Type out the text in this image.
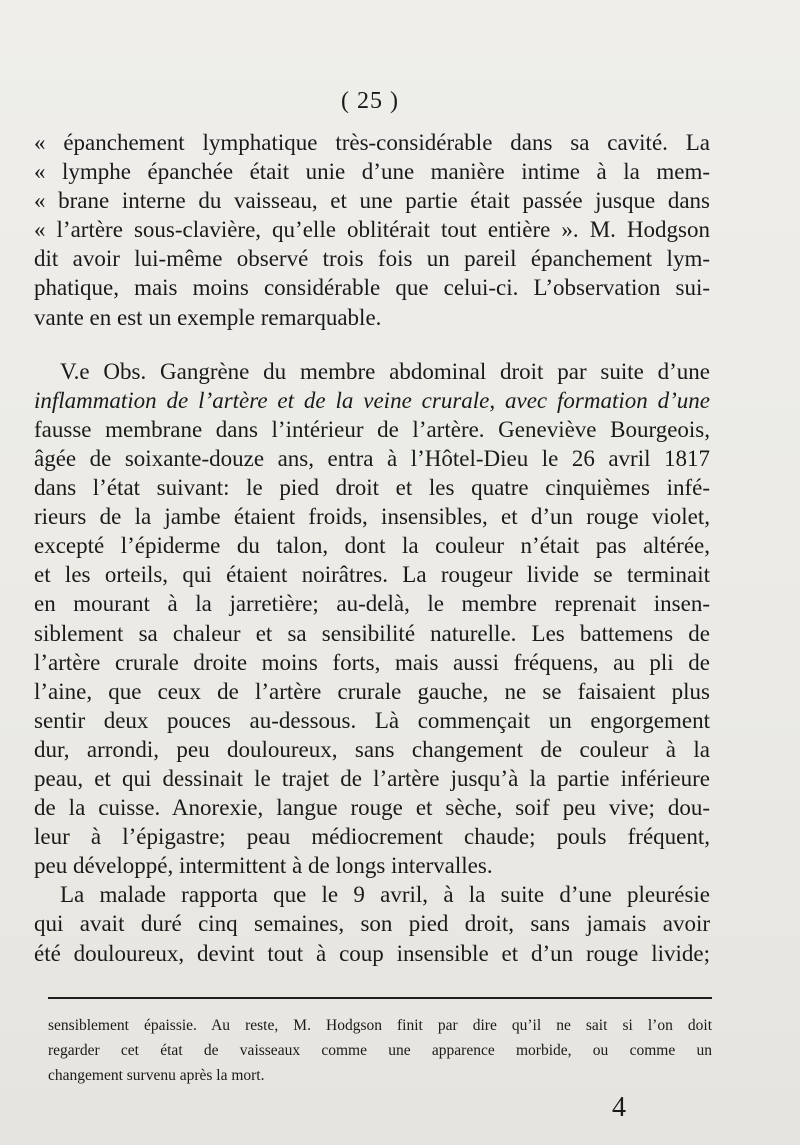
( 25 )
« épanchement lymphatique très-considérable dans sa cavité. La
« lymphe épanchée était unie d’une manière intime à la mem-
« brane interne du vaisseau, et une partie était passée jusque dans
« l’artère sous-clavière, qu’elle oblitérait tout entière ». M. Hodgson
dit avoir lui-même observé trois fois un pareil épanchement lym-
phatique, mais moins considérable que celui-ci. L’observation sui-
vante en est un exemple remarquable.
V.e Obs. Gangrène du membre abdominal droit par suite d’une
inflammation de l’artère et de la veine crurale, avec formation d’une
fausse membrane dans l’intérieur de l’artère. Geneviève Bourgeois,
âgée de soixante-douze ans, entra à l’Hôtel-Dieu le 26 avril 1817
dans l’état suivant: le pied droit et les quatre cinquièmes infé-
rieurs de la jambe étaient froids, insensibles, et d’un rouge violet,
excepté l’épiderme du talon, dont la couleur n’était pas altérée,
et les orteils, qui étaient noirâtres. La rougeur livide se terminait
en mourant à la jarretière; au-delà, le membre reprenait insen-
siblement sa chaleur et sa sensibilité naturelle. Les battemens de
l’artère crurale droite moins forts, mais aussi fréquens, au pli de
l’aine, que ceux de l’artère crurale gauche, ne se faisaient plus
sentir deux pouces au-dessous. Là commençait un engorgement
dur, arrondi, peu douloureux, sans changement de couleur à la
peau, et qui dessinait le trajet de l’artère jusqu’à la partie inférieure
de la cuisse. Anorexie, langue rouge et sèche, soif peu vive; dou-
leur à l’épigastre; peau médiocrement chaude; pouls fréquent,
peu développé, intermittent à de longs intervalles.
La malade rapporta que le 9 avril, à la suite d’une pleurésie
qui avait duré cinq semaines, son pied droit, sans jamais avoir
été douloureux, devint tout à coup insensible et d’un rouge livide;
sensiblement épaissie. Au reste, M. Hodgson finit par dire qu’il ne sait si l’on doit
regarder cet état de vaisseaux comme une apparence morbide, ou comme un
changement survenu après la mort.
4
